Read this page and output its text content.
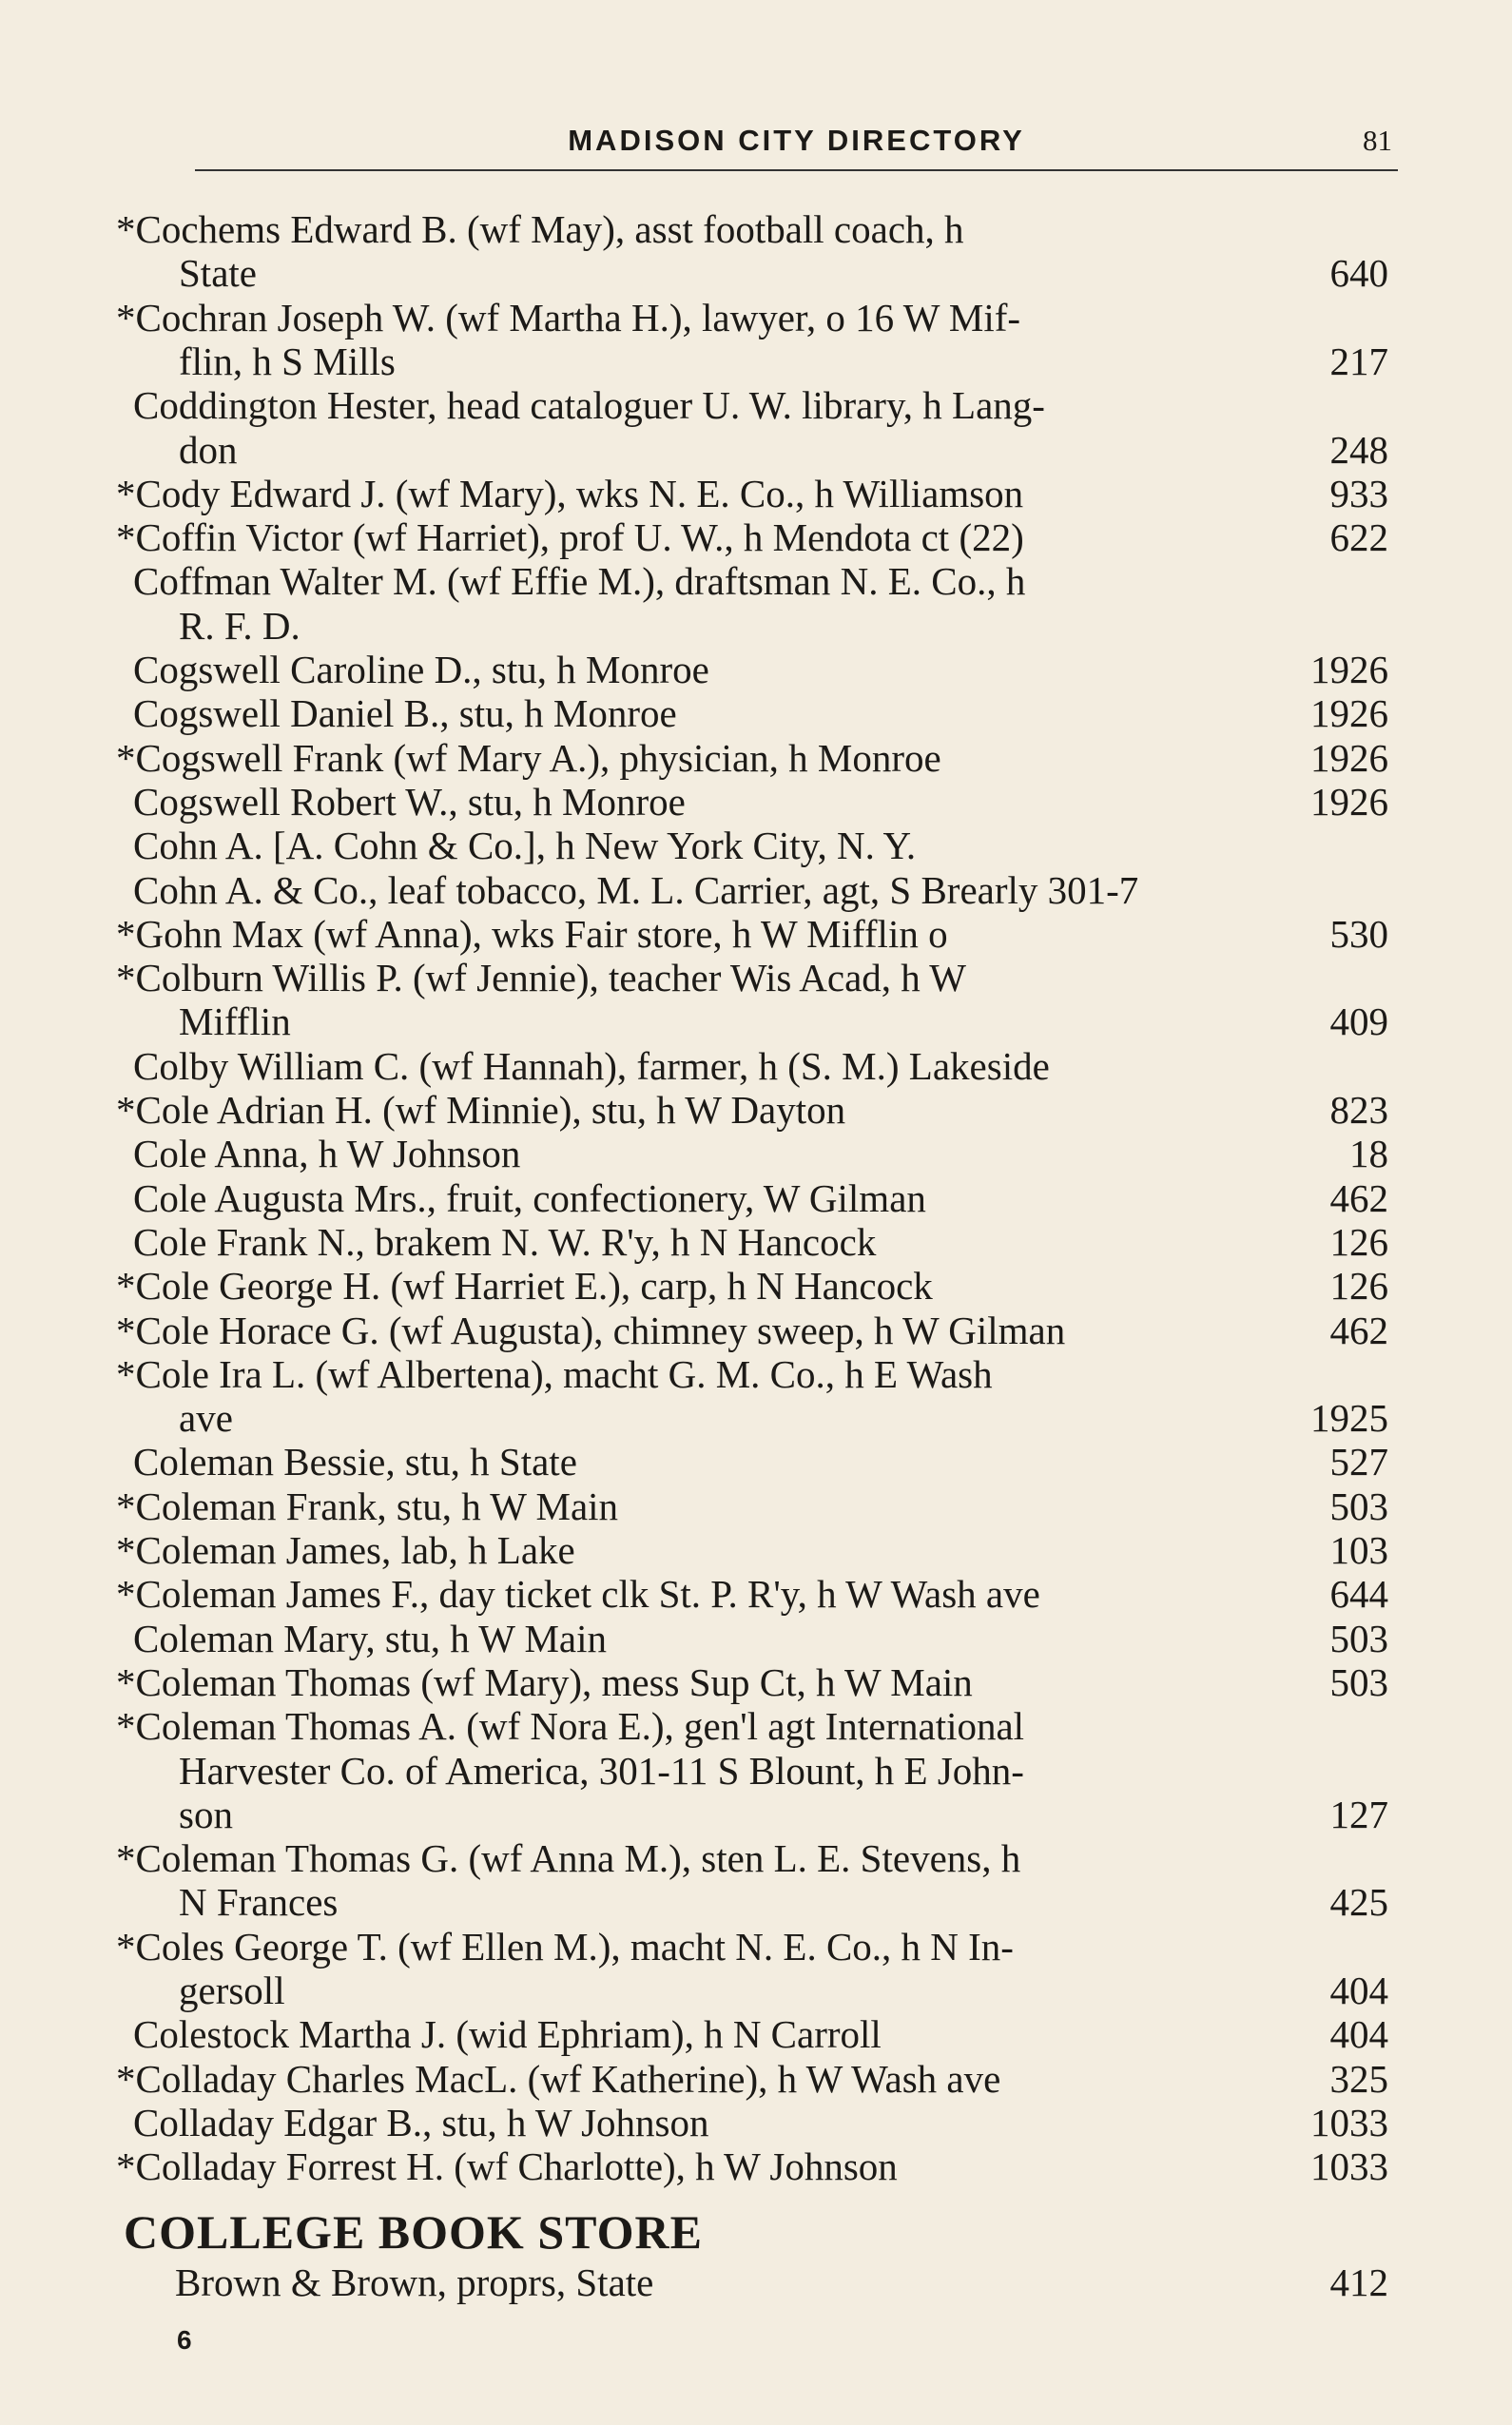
MADISON CITY DIRECTORY	81
*Cochems Edward B. (wf May), asst football coach, h
State	640
*Cochran Joseph W. (wf Martha H.), lawyer, o 16 W Mif-
flin, h S Mills	217
Coddington Hester, head cataloguer U. W. library, h Lang-
don	248
*Cody Edward J. (wf Mary), wks N. E. Co., h Williamson	933
*Coffin Victor (wf Harriet), prof U. W., h Mendota ct (22)	622
Coffman Walter M. (wf Effie M.), draftsman N. E. Co., h
R. F. D.
Cogswell Caroline D., stu, h Monroe	1926
Cogswell Daniel B., stu, h Monroe	1926
*Cogswell Frank (wf Mary A.), physician, h Monroe	1926
Cogswell Robert W., stu, h Monroe	1926
Cohn A. [A. Cohn & Co.], h New York City, N. Y.
Cohn A. & Co., leaf tobacco, M. L. Carrier, agt, S Brearly 301-7
*Gohn Max (wf Anna), wks Fair store, h W Mifflin o	530
*Colburn Willis P. (wf Jennie), teacher Wis Acad, h W
Mifflin	409
Colby William C. (wf Hannah), farmer, h (S. M.) Lakeside
*Cole Adrian H. (wf Minnie), stu, h W Dayton	823
Cole Anna, h W Johnson	18
Cole Augusta Mrs., fruit, confectionery, W Gilman	462
Cole Frank N., brakem N. W. R'y, h N Hancock	126
*Cole George H. (wf Harriet E.), carp, h N Hancock	126
*Cole Horace G. (wf Augusta), chimney sweep, h W Gilman	462
*Cole Ira L. (wf Albertena), macht G. M. Co., h E Wash
ave	1925
Coleman Bessie, stu, h State	527
*Coleman Frank, stu, h W Main	503
*Coleman James, lab, h Lake	103
*Coleman James F., day ticket clk St. P. R'y, h W Wash ave	644
Coleman Mary, stu, h W Main	503
*Coleman Thomas (wf Mary), mess Sup Ct, h W Main	503
*Coleman Thomas A. (wf Nora E.), gen'l agt International
Harvester Co. of America, 301-11 S Blount, h E John-
son	127
*Coleman Thomas G. (wf Anna M.), sten L. E. Stevens, h
N Frances	425
*Coles George T. (wf Ellen M.), macht N. E. Co., h N In-
gersoll	404
Colestock Martha J. (wid Ephriam), h N Carroll	404
*Colladay Charles MacL. (wf Katherine), h W Wash ave	325
Colladay Edgar B., stu, h W Johnson	1033
*Colladay Forrest H. (wf Charlotte), h W Johnson	1033
COLLEGE BOOK STORE
Brown & Brown, proprs, State	412
6
